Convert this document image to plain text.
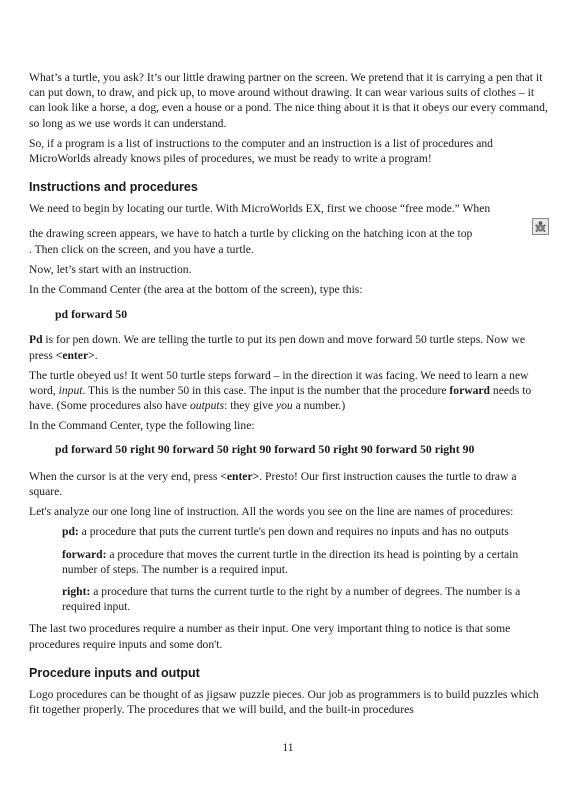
What’s a turtle, you ask? It’s our little drawing partner on the screen. We pretend that it is carrying a pen that it can put down, to draw, and pick up, to move around without drawing. It can wear various suits of clothes – it can look like a horse, a dog, even a house or a pond. The nice thing about it is that it obeys our every command, so long as we use words it can understand.

So, if a program is a list of instructions to the computer and an instruction is a list of procedures and MicroWorlds already knows piles of procedures, we must be ready to write a program!

Instructions and procedures

We need to begin by locating our turtle. With MicroWorlds EX, first we choose “free mode.” When

the drawing screen appears, we have to hatch a turtle by clicking on the hatching icon at the top

. Then click on the screen, and you have a turtle.

Now, let’s start with an instruction.

In the Command Center (the area at the bottom of the screen), type this:

pd forward 50

Pd is for pen down. We are telling the turtle to put its pen down and move forward 50 turtle steps. Now we press <enter>.

The turtle obeyed us! It went 50 turtle steps forward – in the direction it was facing. We need to learn a new word, input. This is the number 50 in this case. The input is the number that the procedure forward needs to have. (Some procedures also have outputs: they give you a number.)

In the Command Center, type the following line:

pd forward 50 right 90 forward 50 right 90 forward 50 right 90 forward 50 right 90

When the cursor is at the very end, press <enter>. Presto! Our first instruction causes the turtle to draw a square.

Let's analyze our one long line of instruction. All the words you see on the line are names of procedures:

pd: a procedure that puts the current turtle's pen down and requires no inputs and has no outputs

forward: a procedure that moves the current turtle in the direction its head is pointing by a certain number of steps. The number is a required input.

right: a procedure that turns the current turtle to the right by a number of degrees. The number is a required input.

The last two procedures require a number as their input. One very important thing to notice is that some procedures require inputs and some don't.

Procedure inputs and output

Logo procedures can be thought of as jigsaw puzzle pieces. Our job as programmers is to build puzzles which fit together properly. The procedures that we will build, and the built-in procedures

11
